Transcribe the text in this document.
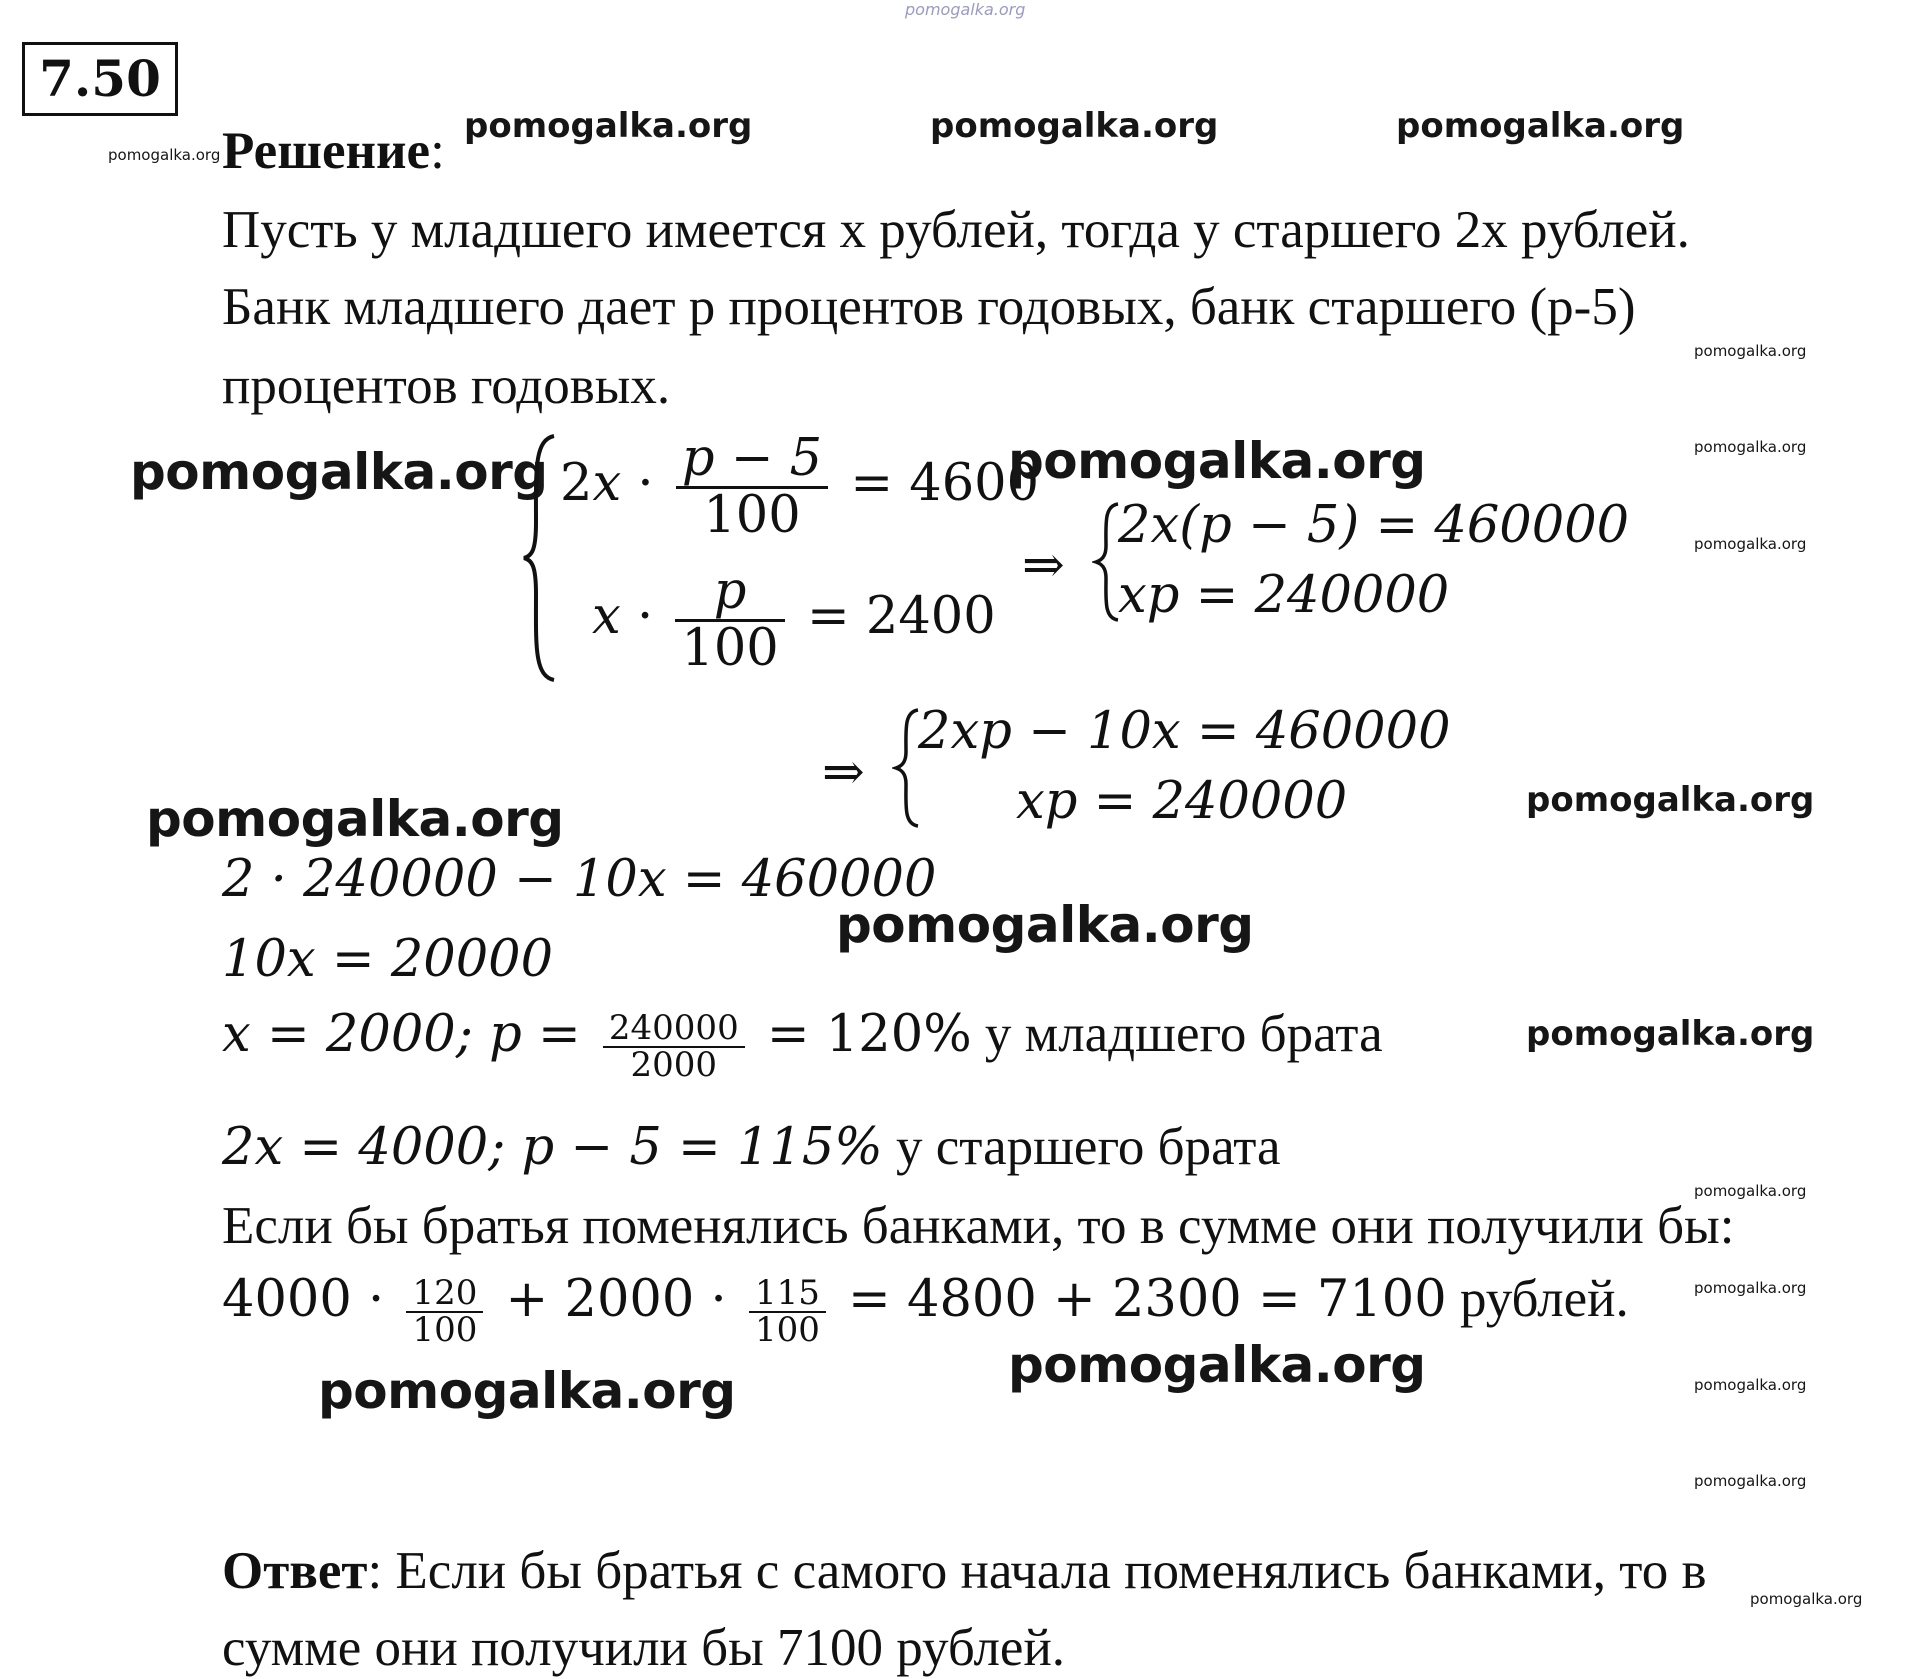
pomogalka.org
7.50
pomogalka.org
pomogalka.org	pomogalka.org	pomogalka.org
Решение:
Пусть у младшего имеется х рублей, тогда у старшего 2х рублей.
Банк младшего дает р процентов годовых, банк старшего (р-5)
процентов годовых.
pomogalka.org
pomogalka.org $2x \cdot \frac{p - 5}{100} = 4600$
$x \cdot \frac{p}{100} = 2400$
pomogalka.org	pomogalka.org
pomogalka.org
⇒
2x(p − 5) = 460000
xp = 240000
⇒
2xp − 10x = 460000
xp = 240000	pomogalka.org
pomogalka.org
2 · 240000 − 10x = 460000
pomogalka.org
10x = 20000
x = 2000; $p = \frac{240000}{2000} = 120\%$ у младшего брата	pomogalka.org
2x = 4000; p − 5 = 115% у старшего брата
pomogalka.org
Если бы братья поменялись банками, то в сумме они получили бы:
$4000 \cdot \frac{120}{100} + 2000 \cdot \frac{115}{100} = 4800 + 2300 = 7100$ рублей.	pomogalka.org
pomogalka.org
pomogalka.org	pomogalka.org
pomogalka.org
Ответ: Если бы братья с самого начала поменялись банками, то в	pomogalka.org
сумме они получили бы 7100 рублей.
